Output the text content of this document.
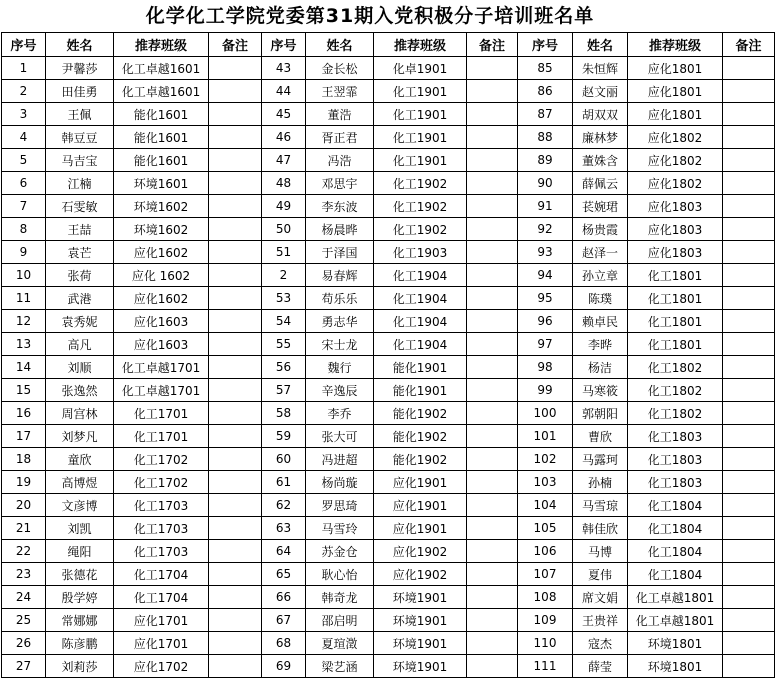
化学化工学院党委第31期入党积极分子培训班名单
序号	姓名	推荐班级	备注	序号	姓名	推荐班级	备注	序号	姓名	推荐班级	备注
1	尹馨莎	化工卓越1601		43	金长松	化卓1901		85	朱恒辉	应化1801	
2	田佳勇	化工卓越1601		44	王翌霏	化工1901		86	赵文丽	应化1801	
3	王佩	能化1601		45	董浩	化工1901		87	胡双双	应化1801	
4	韩豆豆	能化1601		46	胥正君	化工1901		88	廉林梦	应化1802	
5	马吉宝	能化1601		47	冯浩	化工1901		89	董姝含	应化1802	
6	江楠	环境1601		48	邓思宇	化工1902		90	薛佩云	应化1802	
7	石雯敏	环境1602		49	李东波	化工1902		91	苌婉珺	应化1803	
8	王喆	环境1602		50	杨晨晔	化工1902		92	杨贵霞	应化1803	
9	袁芒	应化1602		51	于泽国	化工1903		93	赵泽一	应化1803	
10	张荷	应化 1602		2	易春辉	化工1904		94	孙立章	化工1801	
11	武港	应化1602		53	苟乐乐	化工1904		95	陈璞	化工1801	
12	袁秀妮	应化1603		54	勇志华	化工1904		96	赖卓民	化工1801	
13	高凡	应化1603		55	宋士龙	化工1904		97	李晔	化工1801	
14	刘顺	化工卓越1701		56	魏行	能化1901		98	杨洁	化工1802	
15	张逸然	化工卓越1701		57	辛逸辰	能化1901		99	马寒筱	化工1802	
16	周宫林	化工1701		58	李乔	能化1902		100	郭朝阳	化工1802	
17	刘梦凡	化工1701		59	张大可	能化1902		101	曹欣	化工1803	
18	童欣	化工1702		60	冯进超	能化1902		102	马露珂	化工1803	
19	高博煜	化工1702		61	杨尚璇	应化1901		103	孙楠	化工1803	
20	文彦博	化工1703		62	罗思琦	应化1901		104	马雪琼	化工1804	
21	刘凯	化工1703		63	马雪玲	应化1901		105	韩佳欣	化工1804	
22	绳阳	化工1703		64	苏金仓	应化1902		106	马博	化工1804	
23	张德花	化工1704		65	耿心怡	应化1902		107	夏伟	化工1804	
24	殷学婷	化工1704		66	韩奇龙	环境1901		108	席文娟	化工卓越1801	
25	常娜娜	应化1701		67	邵启明	环境1901		109	王贵祥	化工卓越1801	
26	陈彦鹏	应化1701		68	夏瑄澂	环境1901		110	寇杰	环境1801	
27	刘莉莎	应化1702		69	梁艺涵	环境1901		111	薛莹	环境1801	
